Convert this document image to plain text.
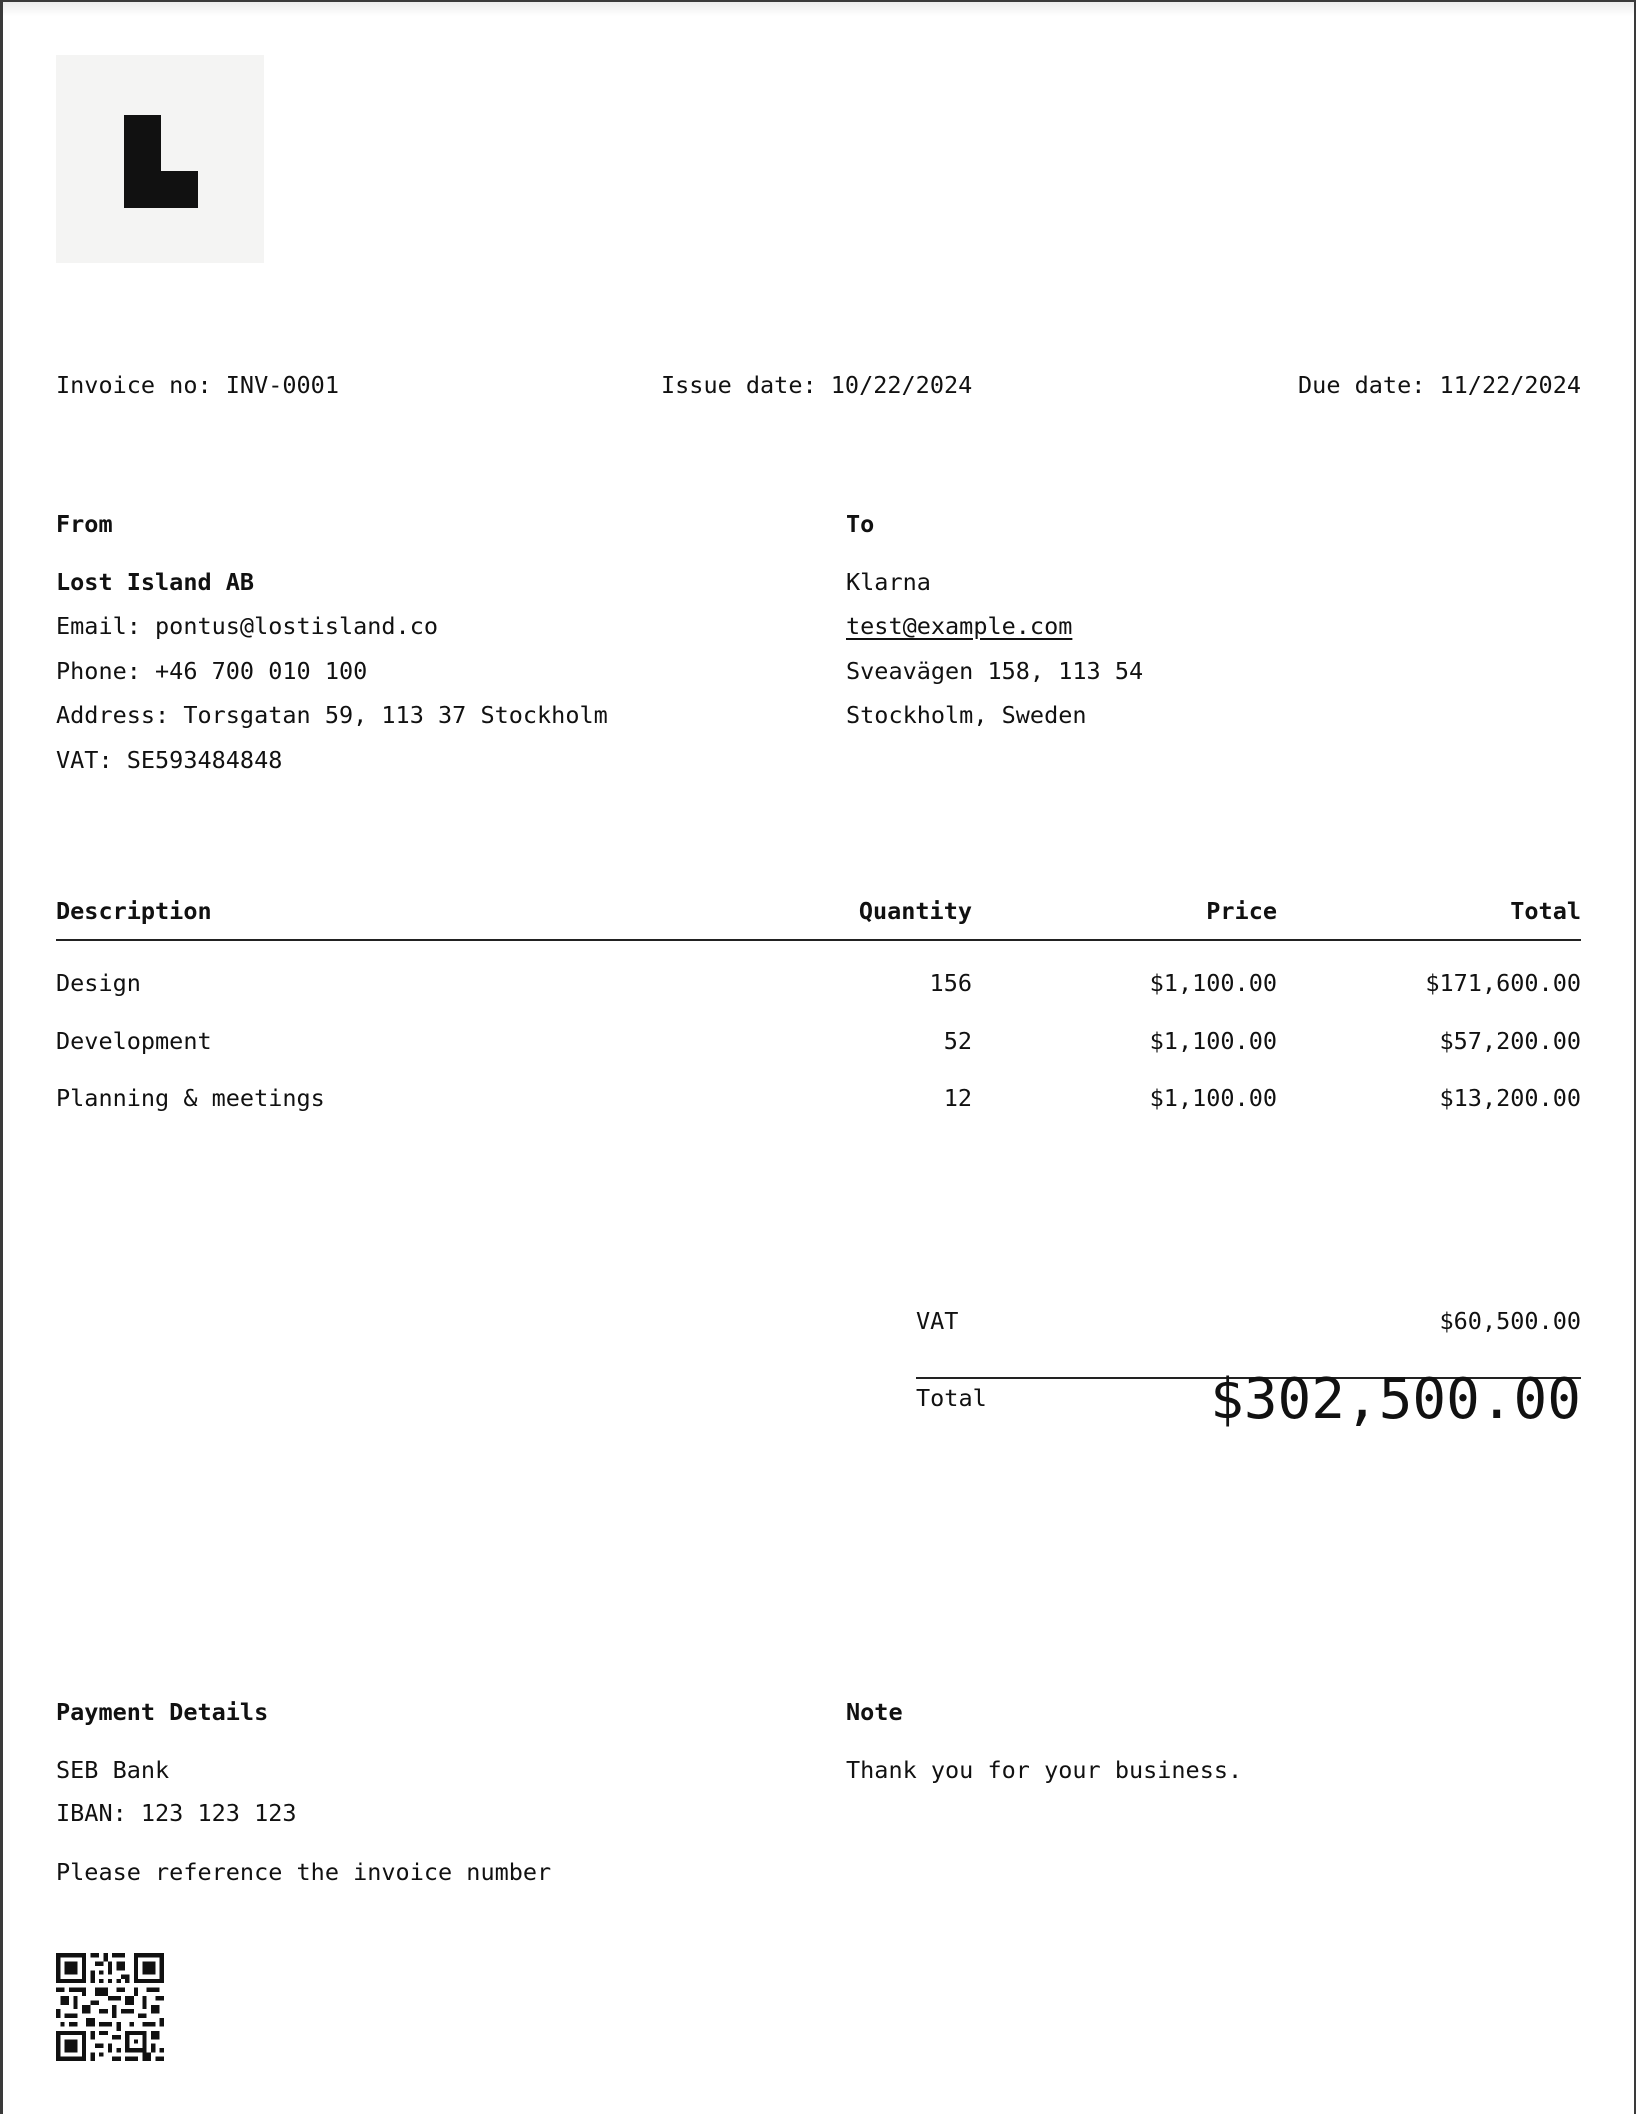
Invoice no: INV-0001	Issue date: 10/22/2024	Due date: 11/22/2024
From
Lost Island AB
Email: pontus@lostisland.co
Phone: +46 700 010 100
Address: Torsgatan 59, 113 37 Stockholm
VAT: SE593484848
To
Klarna
test@example.com
Sveavägen 158, 113 54
Stockholm, Sweden
Description	Quantity	Price	Total
Design	156	$1,100.00	$171,600.00
Development	52	$1,100.00	$57,200.00
Planning & meetings	12	$1,100.00	$13,200.00
VAT	$60,500.00
Total	$302,500.00
Payment Details
SEB Bank
IBAN: 123 123 123
Please reference the invoice number
Note
Thank you for your business.
